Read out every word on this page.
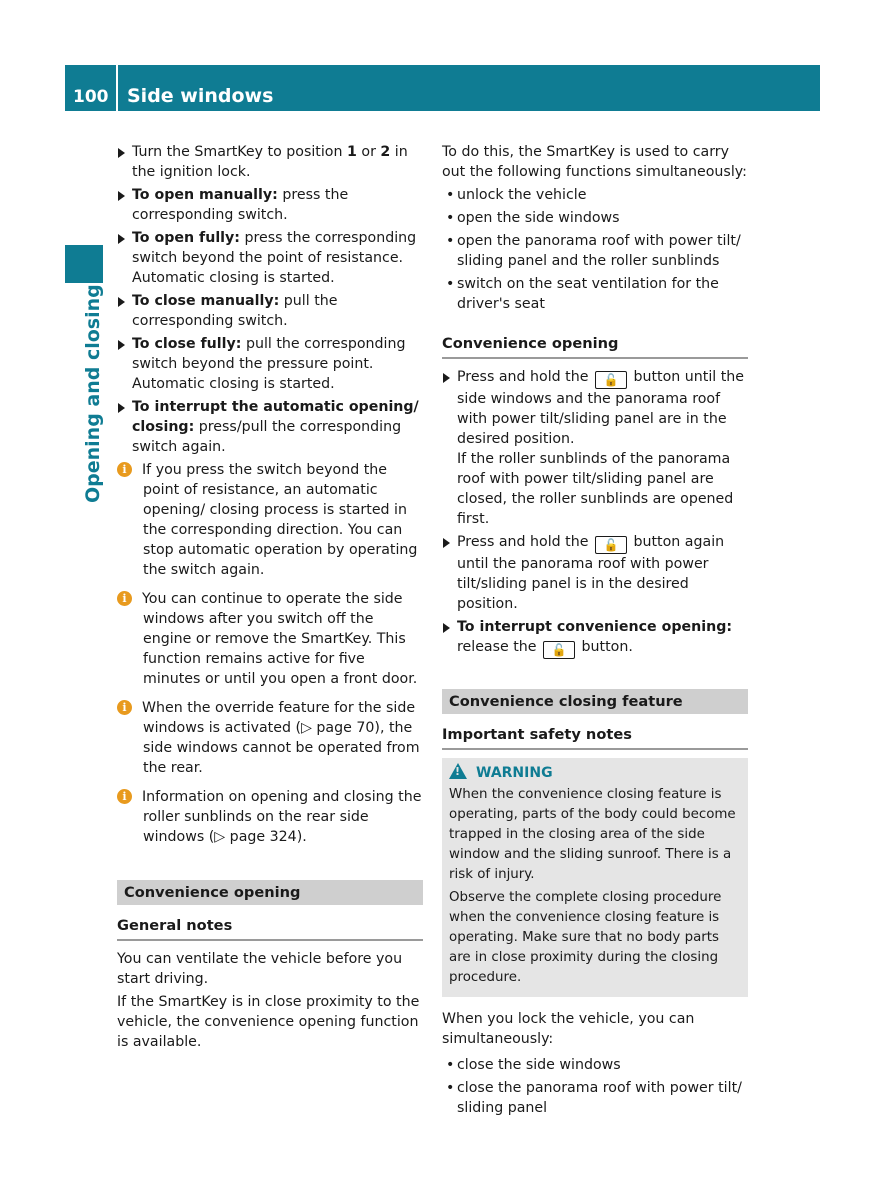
100 Side windows
Opening and closing
Turn the SmartKey to position 1 or 2 in the ignition lock.
To open manually: press the corresponding switch.
To open fully: press the corresponding switch beyond the point of resistance. Automatic closing is started.
To close manually: pull the corresponding switch.
To close fully: pull the corresponding switch beyond the pressure point. Automatic closing is started.
To interrupt the automatic opening/ closing: press/pull the corresponding switch again.
i	If you press the switch beyond the point of resistance, an automatic opening/ closing process is started in the corresponding direction. You can stop automatic operation by operating the switch again.
i	You can continue to operate the side windows after you switch off the engine or remove the SmartKey. This function remains active for five minutes or until you open a front door.
i	When the override feature for the side windows is activated (▷ page 70), the side windows cannot be operated from the rear.
i	Information on opening and closing the roller sunblinds on the rear side windows (▷ page 324).
Convenience opening
General notes
You can ventilate the vehicle before you start driving.
If the SmartKey is in close proximity to the vehicle, the convenience opening function is available.
To do this, the SmartKey is used to carry out the following functions simultaneously:
• unlock the vehicle
• open the side windows
• open the panorama roof with power tilt/ sliding panel and the roller sunblinds
• switch on the seat ventilation for the driver's seat
Convenience opening
Press and hold the 🔓 button until the side windows and the panorama roof with power tilt/sliding panel are in the desired position.
If the roller sunblinds of the panorama roof with power tilt/sliding panel are closed, the roller sunblinds are opened first.
Press and hold the 🔓 button again until the panorama roof with power tilt/sliding panel is in the desired position.
To interrupt convenience opening:
release the 🔓 button.
Convenience closing feature
Important safety notes
!WARNING
When the convenience closing feature is operating, parts of the body could become trapped in the closing area of the side window and the sliding sunroof. There is a risk of injury.
Observe the complete closing procedure when the convenience closing feature is operating. Make sure that no body parts are in close proximity during the closing procedure.
When you lock the vehicle, you can simultaneously:
• close the side windows
• close the panorama roof with power tilt/ sliding panel
